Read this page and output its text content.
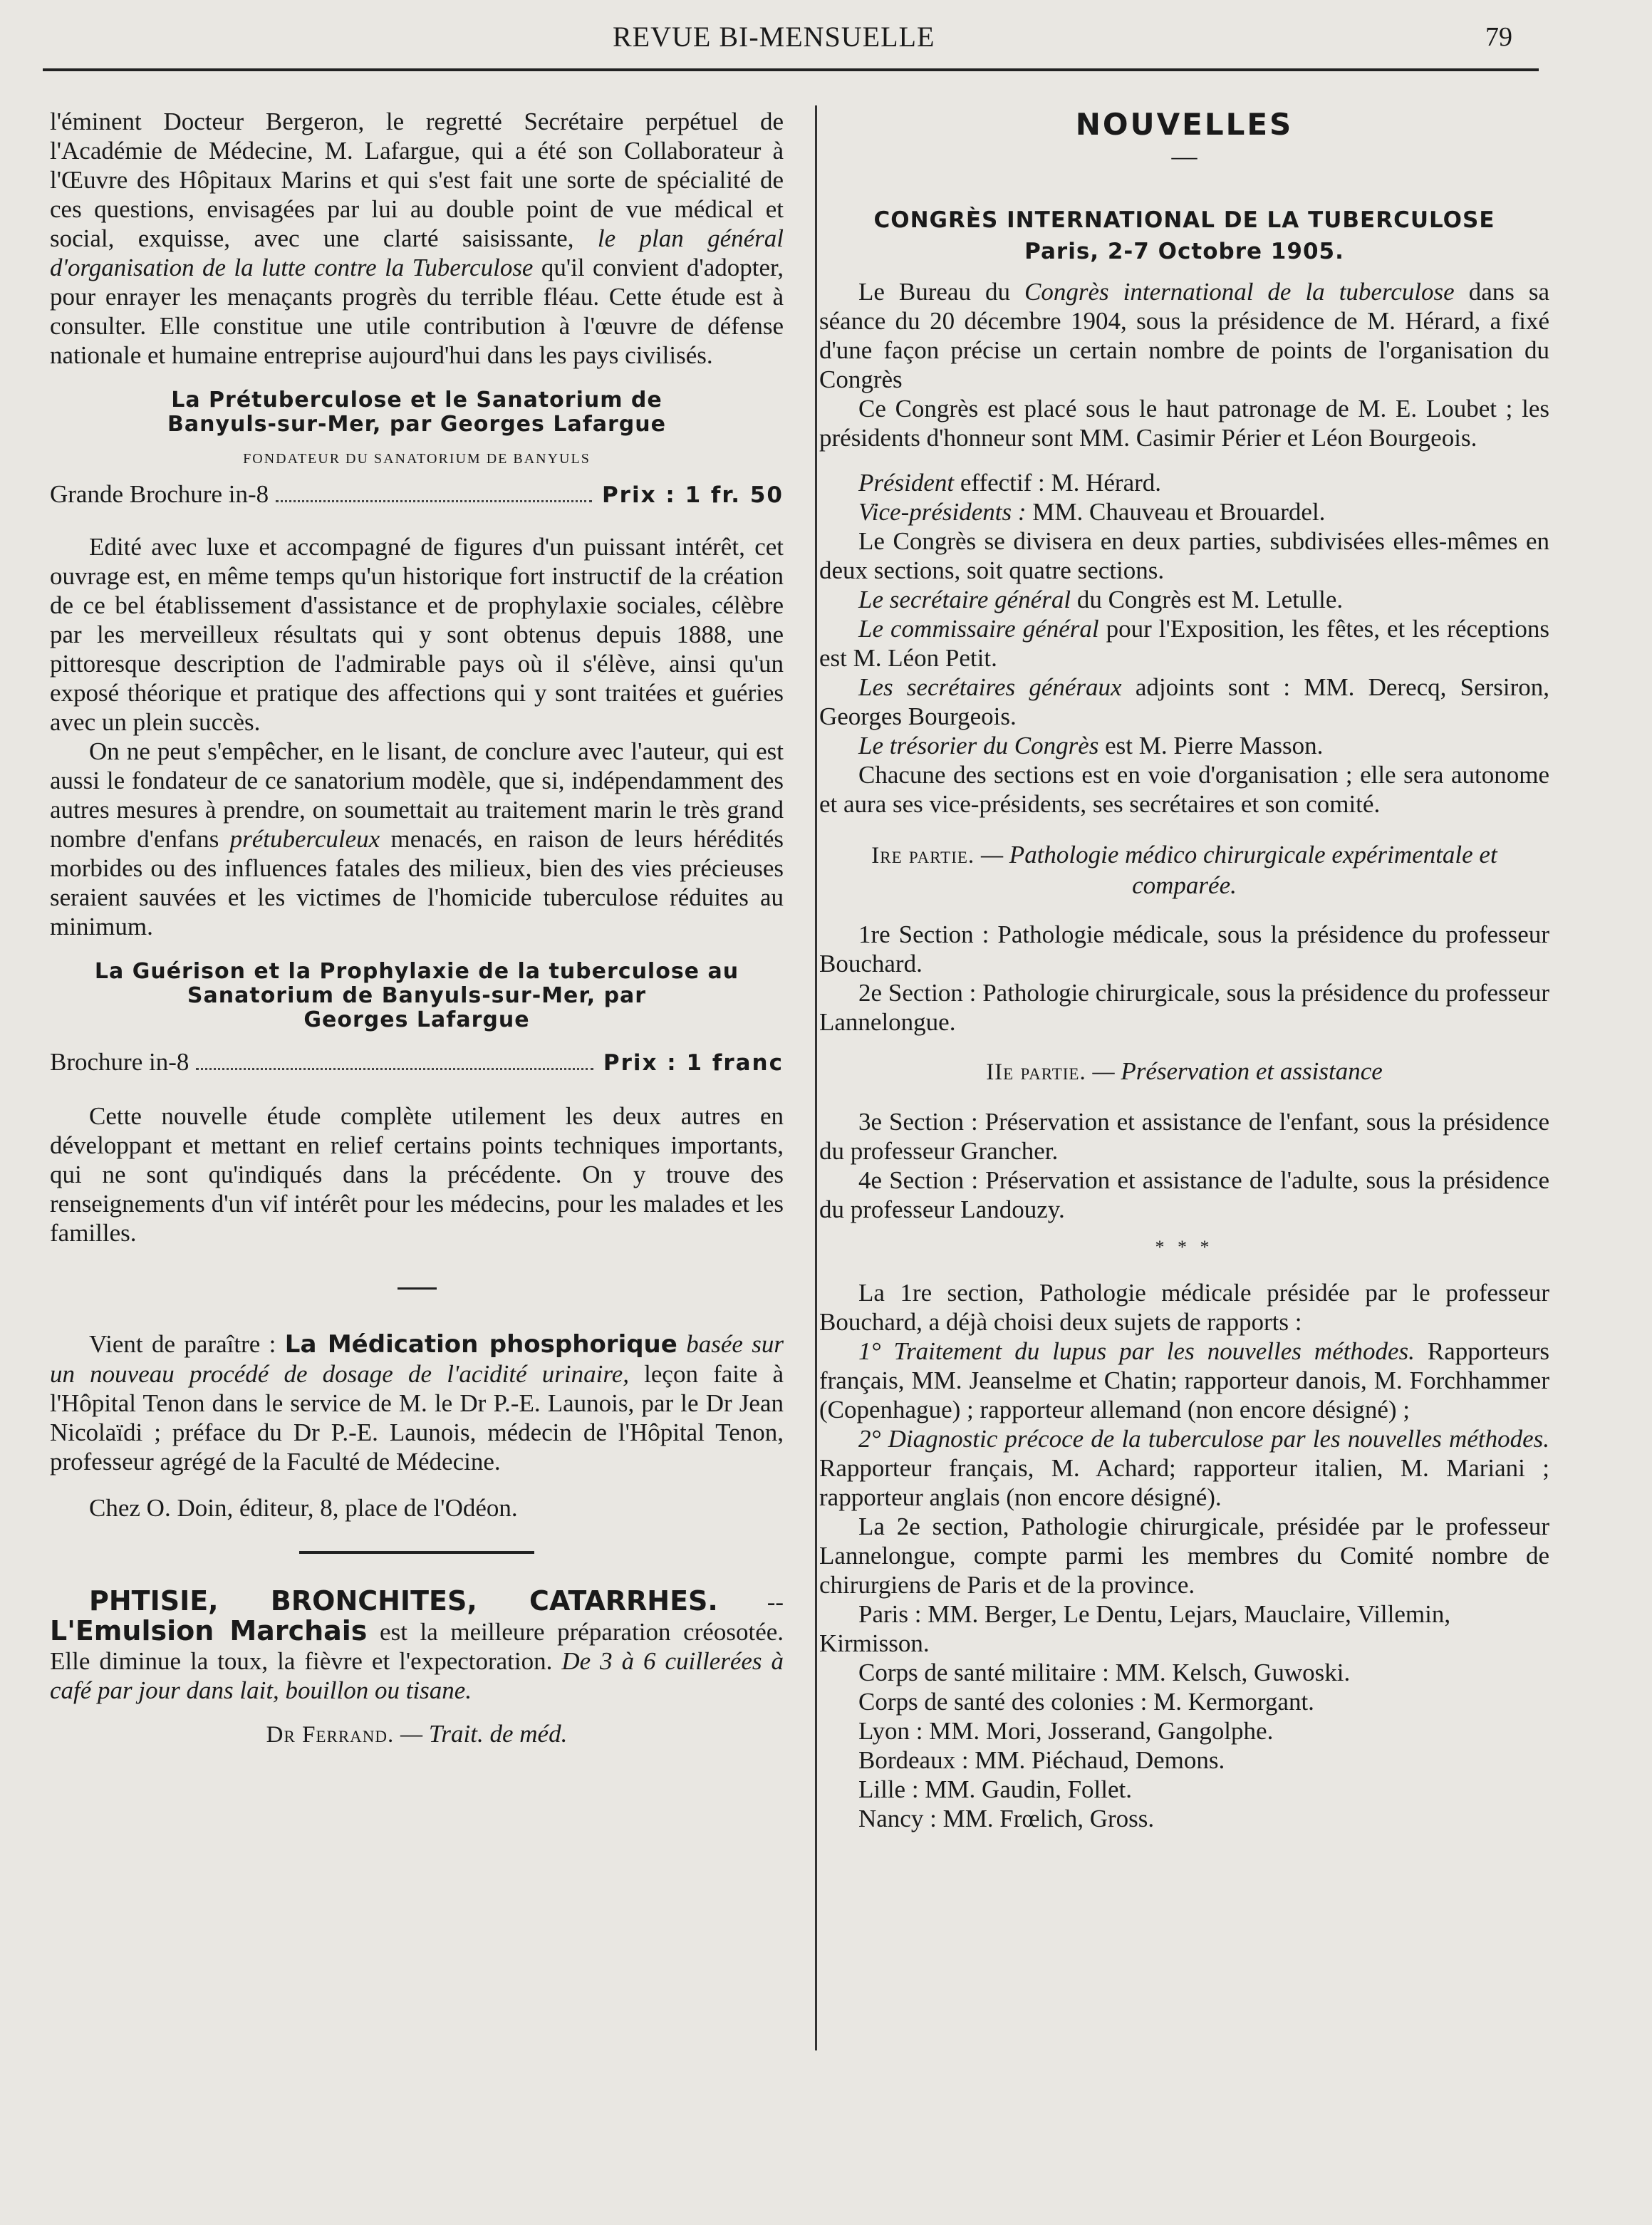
REVUE BI-MENSUELLE	79

l'éminent Docteur Bergeron, le regretté Secrétaire perpétuel de l'Académie de Médecine, M. Lafargue, qui a été son Collaborateur à l'Œuvre des Hôpitaux Marins et qui s'est fait une sorte de spécialité de ces questions, envisagées par lui au double point de vue médical et social, exquisse, avec une clarté saisissante, le plan général d'organisation de la lutte contre la Tuberculose qu'il convient d'adopter, pour enrayer les menaçants progrès du terrible fléau. Cette étude est à consulter. Elle constitue une utile contribution à l'œuvre de défense nationale et humaine entreprise aujourd'hui dans les pays civilisés.

La Prétuberculose et le Sanatorium de
Banyuls-sur-Mer, par Georges Lafargue
FONDATEUR DU SANATORIUM DE BANYULS
Grande Brochure in-8	Prix : 1 fr. 50

Edité avec luxe et accompagné de figures d'un puissant intérêt, cet ouvrage est, en même temps qu'un historique fort instructif de la création de ce bel établissement d'assistance et de prophylaxie sociales, célèbre par les merveilleux résultats qui y sont obtenus depuis 1888, une pittoresque description de l'admirable pays où il s'élève, ainsi qu'un exposé théorique et pratique des affections qui y sont traitées et guéries avec un plein succès.

On ne peut s'empêcher, en le lisant, de conclure avec l'auteur, qui est aussi le fondateur de ce sanatorium modèle, que si, indépendamment des autres mesures à prendre, on soumettait au traitement marin le très grand nombre d'enfans prétuberculeux menacés, en raison de leurs hérédités morbides ou des influences fatales des milieux, bien des vies précieuses seraient sauvées et les victimes de l'homicide tuberculose réduites au minimum.

La Guérison et la Prophylaxie de la tuberculose au
Sanatorium de Banyuls-sur-Mer, par
Georges Lafargue
Brochure in-8	Prix : 1 franc

Cette nouvelle étude complète utilement les deux autres en développant et mettant en relief certains points techniques importants, qui ne sont qu'indiqués dans la précédente. On y trouve des renseignements d'un vif intérêt pour les médecins, pour les malades et les familles.

Vient de paraître : La Médication phosphorique basée sur un nouveau procédé de dosage de l'acidité urinaire, leçon faite à l'Hôpital Tenon dans le service de M. le Dr P.-E. Launois, par le Dr Jean Nicolaïdi ; préface du Dr P.-E. Launois, médecin de l'Hôpital Tenon, professeur agrégé de la Faculté de Médecine.

Chez O. Doin, éditeur, 8, place de l'Odéon.

PHTISIE, BRONCHITES, CATARRHES. -- L'Emulsion Marchais est la meilleure préparation créosotée. Elle diminue la toux, la fièvre et l'expectoration. De 3 à 6 cuillerées à café par jour dans lait, bouillon ou tisane.

Dr Ferrand. — Trait. de méd.

NOUVELLES
—
CONGRÈS INTERNATIONAL DE LA TUBERCULOSE
Paris, 2-7 Octobre 1905.

Le Bureau du Congrès international de la tuberculose dans sa séance du 20 décembre 1904, sous la présidence de M. Hérard, a fixé d'une façon précise un certain nombre de points de l'organisation du Congrès

Ce Congrès est placé sous le haut patronage de M. E. Loubet ; les présidents d'honneur sont MM. Casimir Périer et Léon Bourgeois.

Président effectif : M. Hérard.

Vice-présidents : MM. Chauveau et Brouardel.

Le Congrès se divisera en deux parties, subdivisées elles-mêmes en deux sections, soit quatre sections.

Le secrétaire général du Congrès est M. Letulle.

Le commissaire général pour l'Exposition, les fêtes, et les réceptions est M. Léon Petit.

Les secrétaires généraux adjoints sont : MM. Derecq, Sersiron, Georges Bourgeois.

Le trésorier du Congrès est M. Pierre Masson.

Chacune des sections est en voie d'organisation ; elle sera autonome et aura ses vice-présidents, ses secrétaires et son comité.

Ire partie. — Pathologie médico chirurgicale expérimentale et comparée.

1re Section : Pathologie médicale, sous la présidence du professeur Bouchard.

2e Section : Pathologie chirurgicale, sous la présidence du professeur Lannelongue.

IIe partie. — Préservation et assistance

3e Section : Préservation et assistance de l'enfant, sous la présidence du professeur Grancher.

4e Section : Préservation et assistance de l'adulte, sous la présidence du professeur Landouzy.

* * *

La 1re section, Pathologie médicale présidée par le professeur Bouchard, a déjà choisi deux sujets de rapports :

1° Traitement du lupus par les nouvelles méthodes. Rapporteurs français, MM. Jeanselme et Chatin; rapporteur danois, M. Forchhammer (Copenhague) ; rapporteur allemand (non encore désigné) ;

2° Diagnostic précoce de la tuberculose par les nouvelles méthodes. Rapporteur français, M. Achard; rapporteur italien, M. Mariani ; rapporteur anglais (non encore désigné).

La 2e section, Pathologie chirurgicale, présidée par le professeur Lannelongue, compte parmi les membres du Comité nombre de chirurgiens de Paris et de la province.

Paris : MM. Berger, Le Dentu, Lejars, Mauclaire, Villemin, Kirmisson.

Corps de santé militaire : MM. Kelsch, Guwoski.

Corps de santé des colonies : M. Kermorgant.

Lyon : MM. Mori, Josserand, Gangolphe.

Bordeaux : MM. Piéchaud, Demons.

Lille : MM. Gaudin, Follet.

Nancy : MM. Frœlich, Gross.
